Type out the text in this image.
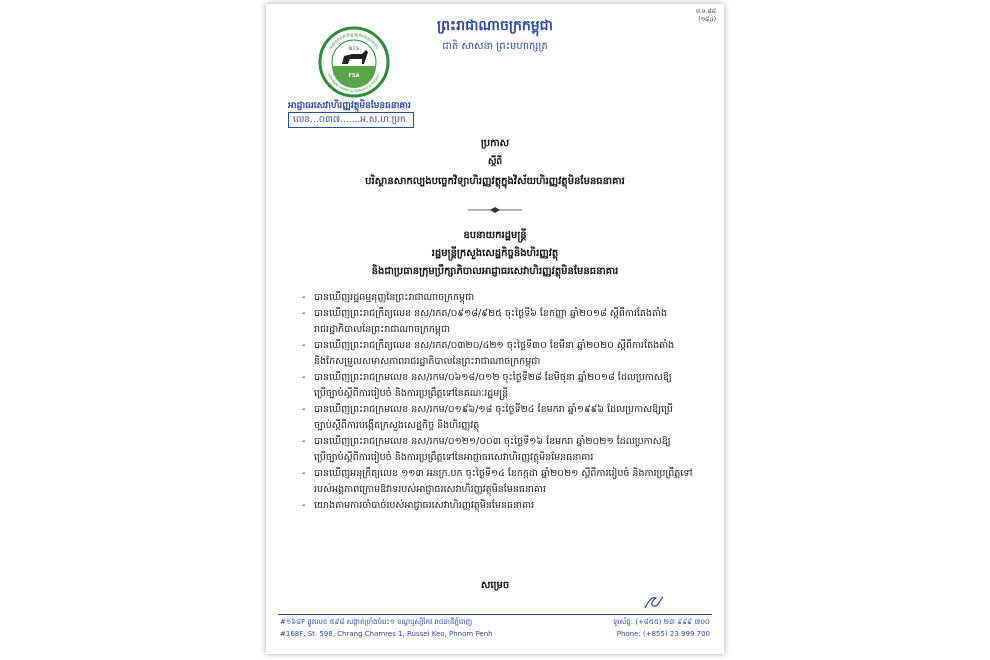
ប.ទ.៨៨
(១៨៤)
ព្រះរាជាណាចក្រកម្ពុជា
ជាតិ សាសនា ព្រះមហាក្សត្រ
អាជ្ញាធរសេវាហិរញ្ញវត្ថុមិនមែនធនាគារ
N.F.S
FSA
NON-BANK FINANCIAL SERVICES AUTHORITY
អាជ្ញាធរសេវាហិរញ្ញវត្ថុមិនមែនធនាគារ
លេខ...០៣៧.......អ.ស.ហ.ប្រក
ប្រកាស
ស្ដីពី
បរិស្ថានសាកល្បងបច្ចេកវិទ្យាហិរញ្ញវត្ថុក្នុងវិស័យហិរញ្ញវត្ថុមិនមែនធនាគារ
ឧបនាយករដ្ឋមន្ត្រី
រដ្ឋមន្ត្រីក្រសួងសេដ្ឋកិច្ចនិងហិរញ្ញវត្ថុ
និងជាប្រធានក្រុមប្រឹក្សាភិបាលអាជ្ញាធរសេវាហិរញ្ញវត្ថុមិនមែនធនាគារ
- បានឃើញរដ្ឋធម្មនុញ្ញនៃព្រះរាជាណាចក្រកម្ពុជា
- បានឃើញព្រះរាជក្រឹត្យលេខ នស/រកត/០៩១៨/៩២៥ ចុះថ្ងៃទី៦ ខែកញ្ញា ឆ្នាំ២០១៨ ស្ដីពីការតែងតាំង
រាជរដ្ឋាភិបាលនៃព្រះរាជាណាចក្រកម្ពុជា
- បានឃើញព្រះរាជក្រឹត្យលេខ នស/រកត/០៣២០/៤២១ ចុះថ្ងៃទី៣០ ខែមីនា ឆ្នាំ២០២០ ស្ដីពីការតែងតាំង
និងកែសម្រួលសមាសភាពរាជរដ្ឋាភិបាលនៃព្រះរាជាណាចក្រកម្ពុជា
- បានឃើញព្រះរាជក្រមលេខ នស/រកម/០៦១៨/០១២ ចុះថ្ងៃទី២៨ ខែមិថុនា ឆ្នាំ២០១៨ ដែលប្រកាសឱ្យ
ប្រើច្បាប់ស្ដីពីការរៀបចំ និងការប្រព្រឹត្តទៅនៃគណៈរដ្ឋមន្ត្រី
- បានឃើញព្រះរាជក្រមលេខ នស/រកម/០១៩៦/១៨ ចុះថ្ងៃទី២៤ ខែមករា ឆ្នាំ១៩៩៦ ដែលប្រកាសឱ្យប្រើ
ច្បាប់ស្ដីពីការបង្កើតក្រសួងសេដ្ឋកិច្ច និងហិរញ្ញវត្ថុ
- បានឃើញព្រះរាជក្រមលេខ នស/រកម/០១២១/០០៣ ចុះថ្ងៃទី១៦ ខែមករា ឆ្នាំ២០២១ ដែលប្រកាសឱ្យ
ប្រើច្បាប់ស្ដីពីការរៀបចំ និងការប្រព្រឹត្តទៅនៃអាជ្ញាធរសេវាហិរញ្ញវត្ថុមិនមែនធនាគារ
- បានឃើញអនុក្រឹត្យលេខ ១១៣ អនក្រ.បក ចុះថ្ងៃទី១៤ ខែកក្កដា ឆ្នាំ២០២១ ស្ដីពីការរៀបចំ និងការប្រព្រឹត្តទៅ
របស់អង្គភាពក្រោមឱវាទរបស់អាជ្ញាធរសេវាហិរញ្ញវត្ថុមិនមែនធនាគារ
- យោងតាមការចាំបាច់របស់អាជ្ញាធរសេវាហិរញ្ញវត្ថុមិនមែនធនាគារ
សម្រេច
#១៦៨F ផ្លូវលេខ ៥៩៨ សង្កាត់ច្រាំងចំរេះ១ ខណ្ឌឬស្សីកែវ រាជធានីភ្នំពេញ
#168F, St. 598, Chrang Chamres 1, Russei Keo, Phnom Penh
ទូរស័ព្ទ: (+៨៥៥) ២៣ ៩៩៩ ៧០០
Phone: (+855) 23 999 700
